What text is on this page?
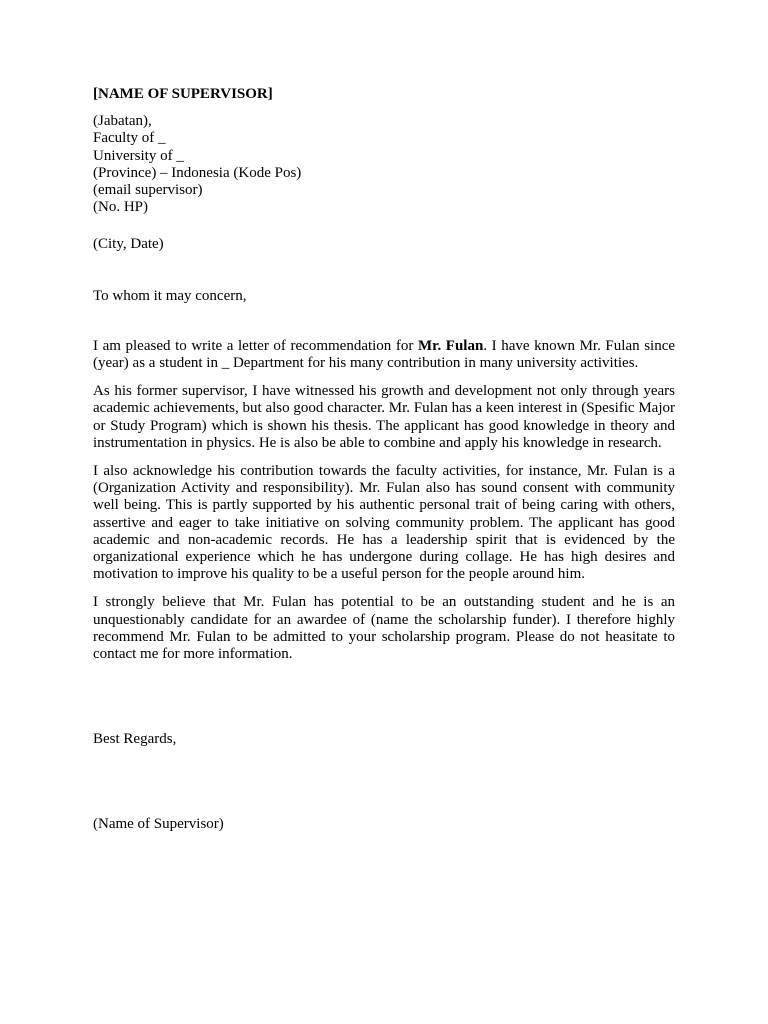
[NAME OF SUPERVISOR]
(Jabatan),
Faculty of _
University of _
(Province) – Indonesia (Kode Pos)
(email supervisor)
(No. HP)
(City, Date)
To whom it may concern,

I am pleased to write a letter of recommendation for Mr. Fulan. I have known Mr. Fulan since (year) as a student in _ Department for his many contribution in many university activities.

As his former supervisor, I have witnessed his growth and development not only through years academic achievements, but also good character. Mr. Fulan has a keen interest in (Spesific Major or Study Program) which is shown his thesis. The applicant has good knowledge in theory and instrumentation in physics. He is also be able to combine and apply his knowledge in research.

I also acknowledge his contribution towards the faculty activities, for instance, Mr. Fulan is a (Organization Activity and responsibility). Mr. Fulan also has sound consent with community well being. This is partly supported by his authentic personal trait of being caring with others, assertive and eager to take initiative on solving community problem. The applicant has good academic and non-academic records. He has a leadership spirit that is evidenced by the organizational experience which he has undergone during collage. He has high desires and motivation to improve his quality to be a useful person for the people around him.

I strongly believe that Mr. Fulan has potential to be an outstanding student and he is an unquestionably candidate for an awardee of (name the scholarship funder). I therefore highly recommend Mr. Fulan to be admitted to your scholarship program. Please do not heasitate to contact me for more information.

Best Regards,
(Name of Supervisor)
